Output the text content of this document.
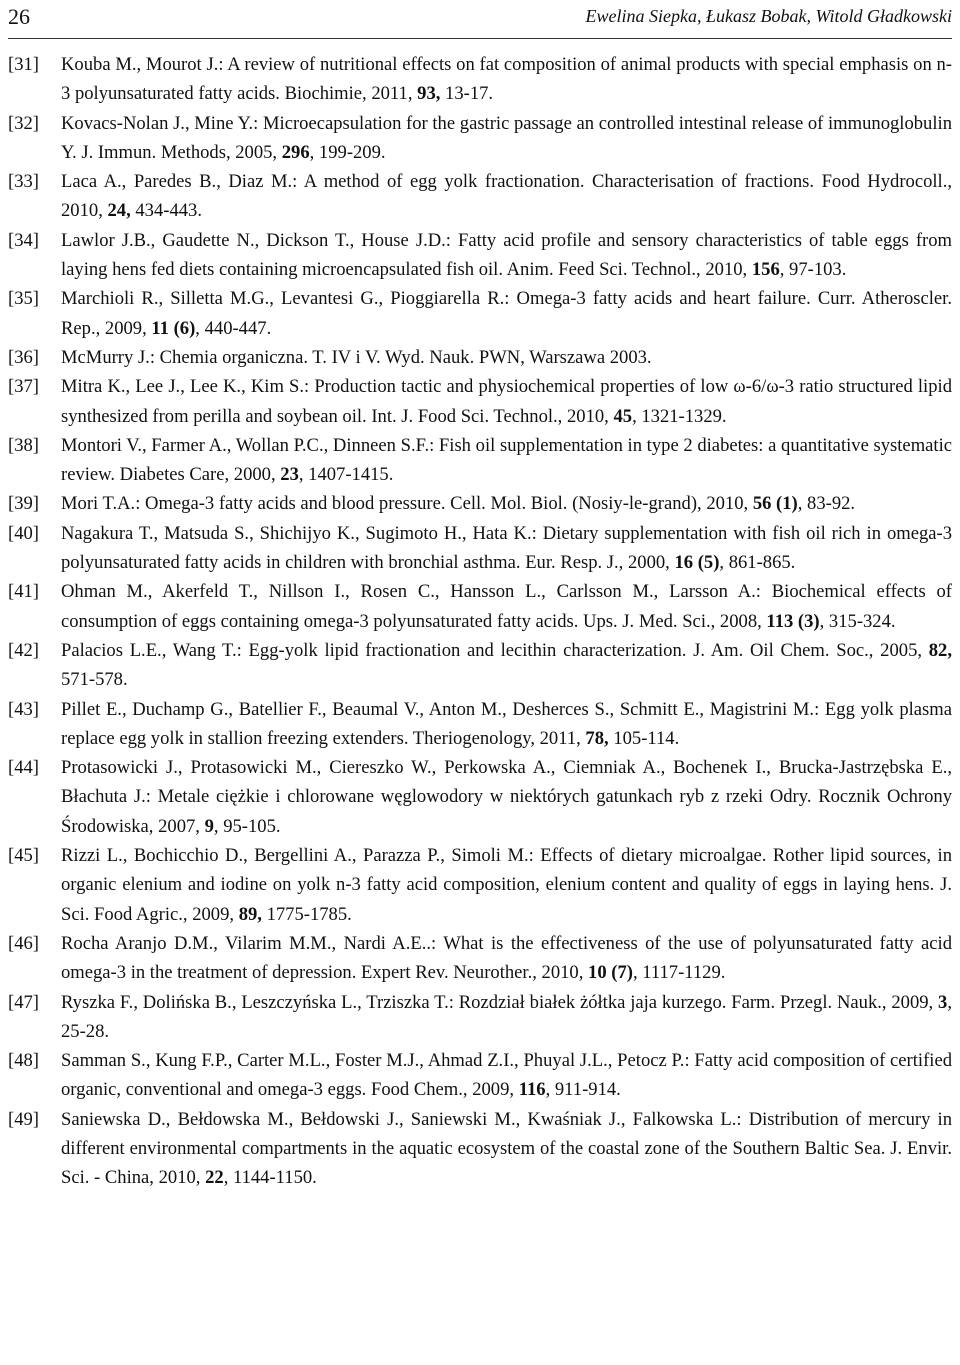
26	Ewelina Siepka, Łukasz Bobak, Witold Gładkowski
[31] Kouba M., Mourot J.: A review of nutritional effects on fat composition of animal products with special emphasis on n-3 polyunsaturated fatty acids. Biochimie, 2011, 93, 13-17.
[32] Kovacs-Nolan J., Mine Y.: Microecapsulation for the gastric passage an controlled intestinal release of immunoglobulin Y. J. Immun. Methods, 2005, 296, 199-209.
[33] Laca A., Paredes B., Diaz M.: A method of egg yolk fractionation. Characterisation of fractions. Food Hydrocoll., 2010, 24, 434-443.
[34] Lawlor J.B., Gaudette N., Dickson T., House J.D.: Fatty acid profile and sensory characteristics of table eggs from laying hens fed diets containing microencapsulated fish oil. Anim. Feed Sci. Technol., 2010, 156, 97-103.
[35] Marchioli R., Silletta M.G., Levantesi G., Pioggiarella R.: Omega-3 fatty acids and heart failure. Curr. Atheroscler. Rep., 2009, 11 (6), 440-447.
[36] McMurry J.: Chemia organiczna. T. IV i V. Wyd. Nauk. PWN, Warszawa 2003.
[37] Mitra K., Lee J., Lee K., Kim S.: Production tactic and physiochemical properties of low ω-6/ω-3 ratio structured lipid synthesized from perilla and soybean oil. Int. J. Food Sci. Technol., 2010, 45, 1321-1329.
[38] Montori V., Farmer A., Wollan P.C., Dinneen S.F.: Fish oil supplementation in type 2 diabetes: a quantitative systematic review. Diabetes Care, 2000, 23, 1407-1415.
[39] Mori T.A.: Omega-3 fatty acids and blood pressure. Cell. Mol. Biol. (Nosiy-le-grand), 2010, 56 (1), 83-92.
[40] Nagakura T., Matsuda S., Shichijyo K., Sugimoto H., Hata K.: Dietary supplementation with fish oil rich in omega-3 polyunsaturated fatty acids in children with bronchial asthma. Eur. Resp. J., 2000, 16 (5), 861-865.
[41] Ohman M., Akerfeld T., Nillson I., Rosen C., Hansson L., Carlsson M., Larsson A.: Biochemical effects of consumption of eggs containing omega-3 polyunsaturated fatty acids. Ups. J. Med. Sci., 2008, 113 (3), 315-324.
[42] Palacios L.E., Wang T.: Egg-yolk lipid fractionation and lecithin characterization. J. Am. Oil Chem. Soc., 2005, 82, 571-578.
[43] Pillet E., Duchamp G., Batellier F., Beaumal V., Anton M., Desherces S., Schmitt E., Magistrini M.: Egg yolk plasma replace egg yolk in stallion freezing extenders. Theriogenology, 2011, 78, 105-114.
[44] Protasowicki J., Protasowicki M., Ciereszko W., Perkowska A., Ciemniak A., Bochenek I., Brucka-Jastrzębska E., Błachuta J.: Metale ciężkie i chlorowane węglowodory w niektórych gatunkach ryb z rzeki Odry. Rocznik Ochrony Środowiska, 2007, 9, 95-105.
[45] Rizzi L., Bochicchio D., Bergellini A., Parazza P., Simoli M.: Effects of dietary microalgae. Rother lipid sources, in organic elenium and iodine on yolk n-3 fatty acid composition, elenium content and quality of eggs in laying hens. J. Sci. Food Agric., 2009, 89, 1775-1785.
[46] Rocha Aranjo D.M., Vilarim M.M., Nardi A.E..: What is the effectiveness of the use of polyunsaturated fatty acid omega-3 in the treatment of depression. Expert Rev. Neurother., 2010, 10 (7), 1117-1129.
[47] Ryszka F., Dolińska B., Leszczyńska L., Trziszka T.: Rozdział białek żółtka jaja kurzego. Farm. Przegl. Nauk., 2009, 3, 25-28.
[48] Samman S., Kung F.P., Carter M.L., Foster M.J., Ahmad Z.I., Phuyal J.L., Petocz P.: Fatty acid composition of certified organic, conventional and omega-3 eggs. Food Chem., 2009, 116, 911-914.
[49] Saniewska D., Bełdowska M., Bełdowski J., Saniewski M., Kwaśniak J., Falkowska L.: Distribution of mercury in different environmental compartments in the aquatic ecosystem of the coastal zone of the Southern Baltic Sea. J. Envir. Sci. - China, 2010, 22, 1144-1150.
